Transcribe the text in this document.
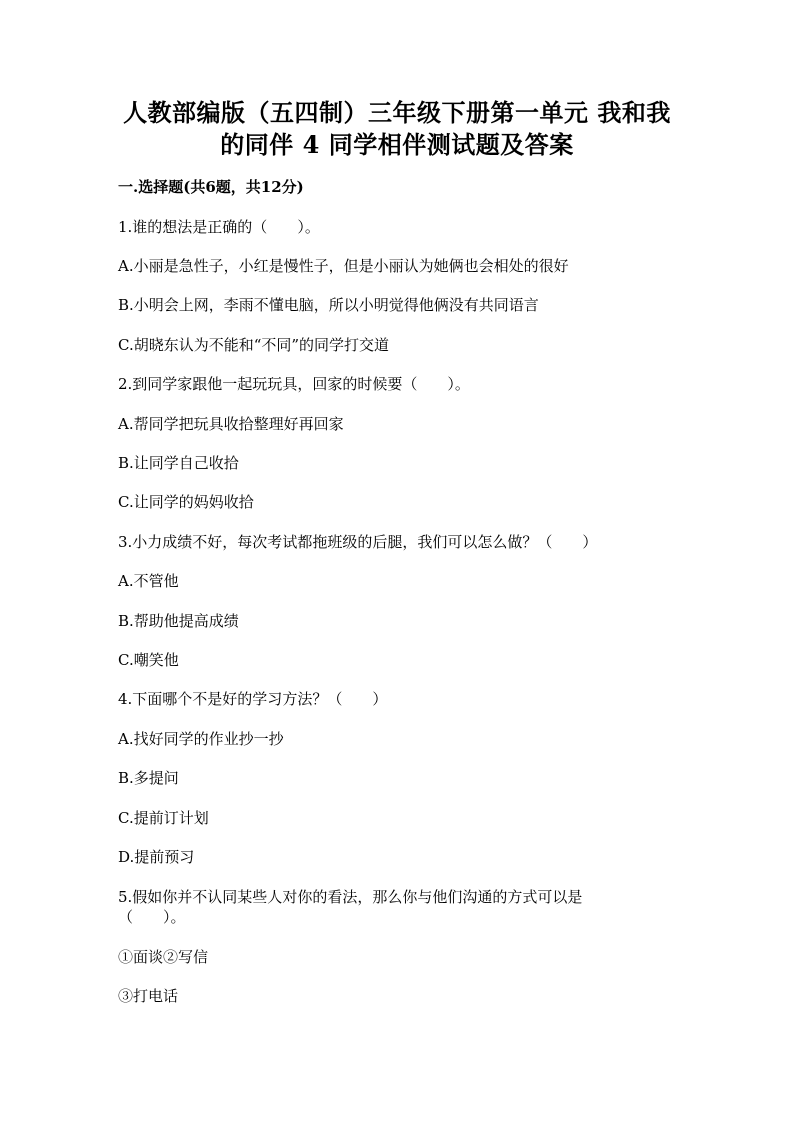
人教部编版（五四制）三年级下册第一单元 我和我
的同伴 4 同学相伴测试题及答案
一.选择题(共6题，共12分)
1.谁的想法是正确的（　　）。
A.小丽是急性子，小红是慢性子，但是小丽认为她俩也会相处的很好
B.小明会上网，李雨不懂电脑，所以小明觉得他俩没有共同语言
C.胡晓东认为不能和“不同”的同学打交道
2.到同学家跟他一起玩玩具，回家的时候要（　　）。
A.帮同学把玩具收拾整理好再回家
B.让同学自己收拾
C.让同学的妈妈收拾
3.小力成绩不好，每次考试都拖班级的后腿，我们可以怎么做？（　　）
A.不管他
B.帮助他提高成绩
C.嘲笑他
4.下面哪个不是好的学习方法？（　　）
A.找好同学的作业抄一抄
B.多提问
C.提前订计划
D.提前预习
5.假如你并不认同某些人对你的看法，那么你与他们沟通的方式可以是
（　　）。
①面谈②写信
③打电话
